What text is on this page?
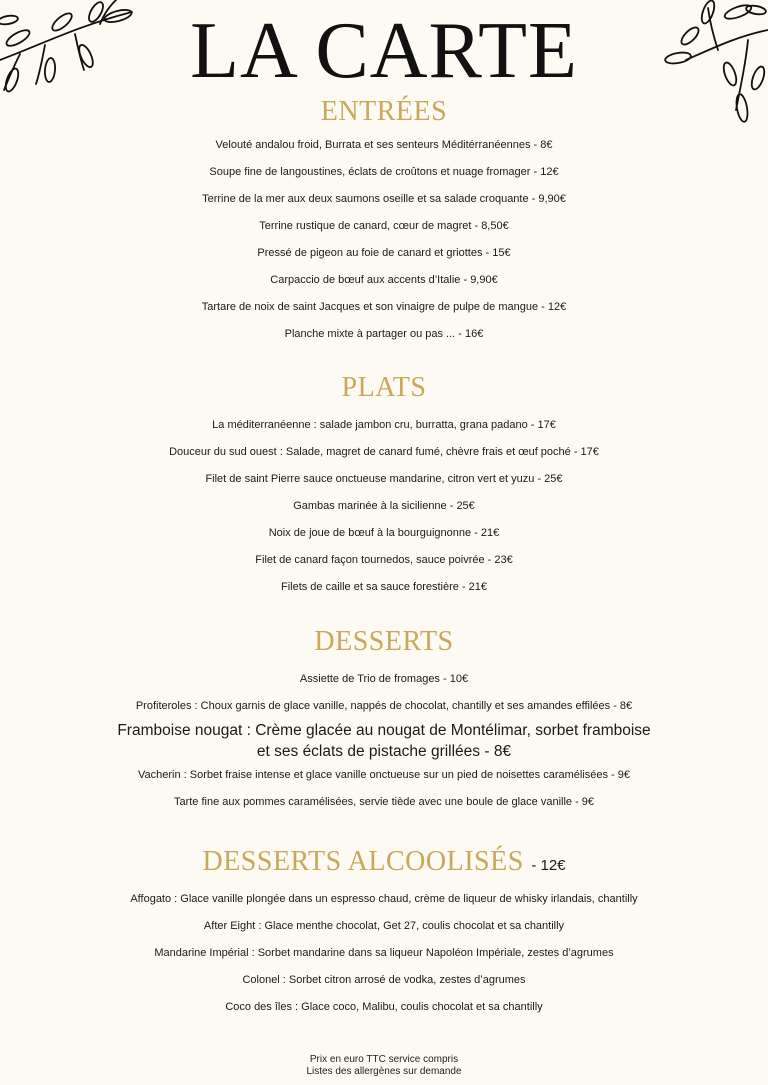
LA CARTE
ENTRÉES
Velouté andalou froid, Burrata et ses senteurs Méditérranéennes - 8€
Soupe fine de langoustines, éclats de croûtons et nuage fromager - 12€
Terrine de la mer aux deux saumons oseille et sa salade croquante - 9,90€
Terrine rustique de canard, cœur de magret - 8,50€
Pressé de pigeon au foie de canard et griottes - 15€
Carpaccio de bœuf aux accents d’Italie - 9,90€
Tartare de noix de saint Jacques et son vinaigre de pulpe de mangue - 12€
Planche mixte à partager ou pas ... - 16€
PLATS
La méditerranéenne : salade jambon cru, burratta, grana padano - 17€
Douceur du sud ouest : Salade, magret de canard fumé, chèvre frais et œuf poché - 17€
Filet de saint Pierre sauce onctueuse mandarine, citron vert et yuzu - 25€
Gambas marinée à la sicilienne - 25€
Noix de joue de bœuf à la bourguignonne - 21€
Filet de canard façon tournedos, sauce poivrée - 23€
Filets de caille et sa sauce forestière - 21€
DESSERTS
Assiette de Trio de fromages - 10€
Profiteroles : Choux garnis de glace vanille, nappés de chocolat, chantilly et ses amandes effilées - 8€
Framboise nougat : Crème glacée au nougat de Montélimar, sorbet framboise
et ses éclats de pistache grillées - 8€
Vacherin : Sorbet fraise intense et glace vanille onctueuse sur un pied de noisettes caramélisées - 9€
Tarte fine aux pommes caramélisées, servie tiède avec une boule de glace vanille - 9€
DESSERTS ALCOOLISÉS - 12€
Affogato : Glace vanille plongée dans un espresso chaud, crème de liqueur de whisky irlandais, chantilly
After Eight : Glace menthe chocolat, Get 27, coulis chocolat et sa chantilly
Mandarine Impérial : Sorbet mandarine dans sa liqueur Napoléon Impériale, zestes d’agrumes
Colonel : Sorbet citron arrosé de vodka, zestes d’agrumes
Coco des îles : Glace coco, Malibu, coulis chocolat et sa chantilly
Prix en euro TTC service compris
Listes des allergènes sur demande
